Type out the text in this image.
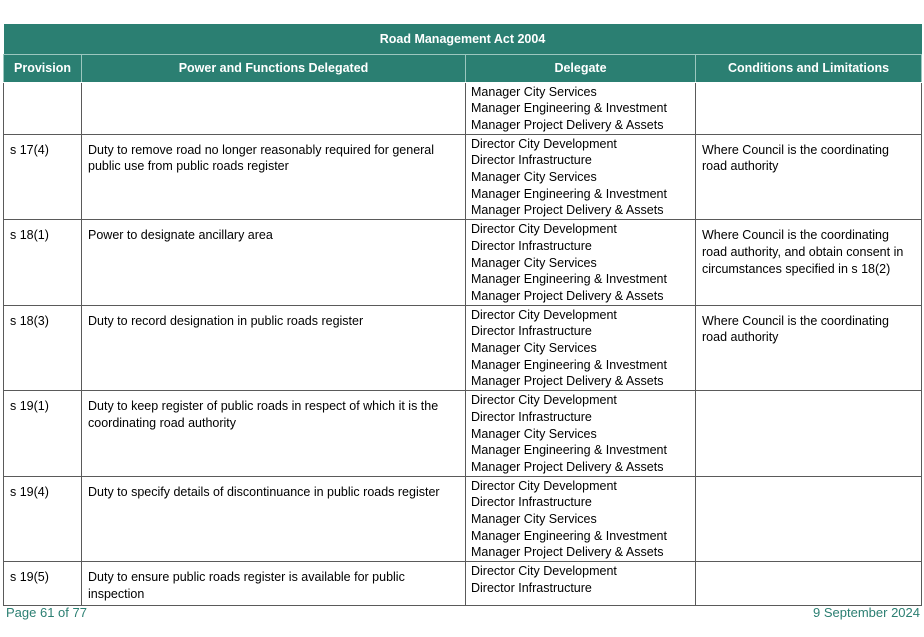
Road Management Act 2004			
Provision	Power and Functions Delegated	Delegate	Conditions and Limitations

		Manager City Services
Manager Engineering & Investment
Manager Project Delivery & Assets	

s 17(4)	Duty to remove road no longer reasonably required for general public use from public roads register	Director City Development
Director Infrastructure
Manager City Services
Manager Engineering & Investment
Manager Project Delivery & Assets	Where Council is the coordinating road authority
s 18(1)	Power to designate ancillary area	Director City Development
Director Infrastructure
Manager City Services
Manager Engineering & Investment
Manager Project Delivery & Assets	Where Council is the coordinating road authority, and obtain consent in circumstances specified in s 18(2)
s 18(3)	Duty to record designation in public roads register	Director City Development
Director Infrastructure
Manager City Services
Manager Engineering & Investment
Manager Project Delivery & Assets	Where Council is the coordinating road authority
s 19(1)	Duty to keep register of public roads in respect of which it is the coordinating road authority	Director City Development
Director Infrastructure
Manager City Services
Manager Engineering & Investment
Manager Project Delivery & Assets	

s 19(4)	Duty to specify details of discontinuance in public roads register	Director City Development
Director Infrastructure
Manager City Services
Manager Engineering & Investment
Manager Project Delivery & Assets	

s 19(5)	Duty to ensure public roads register is available for public inspection	Director City Development
Director Infrastructure	

Page 61 of 77	9 September 2024
